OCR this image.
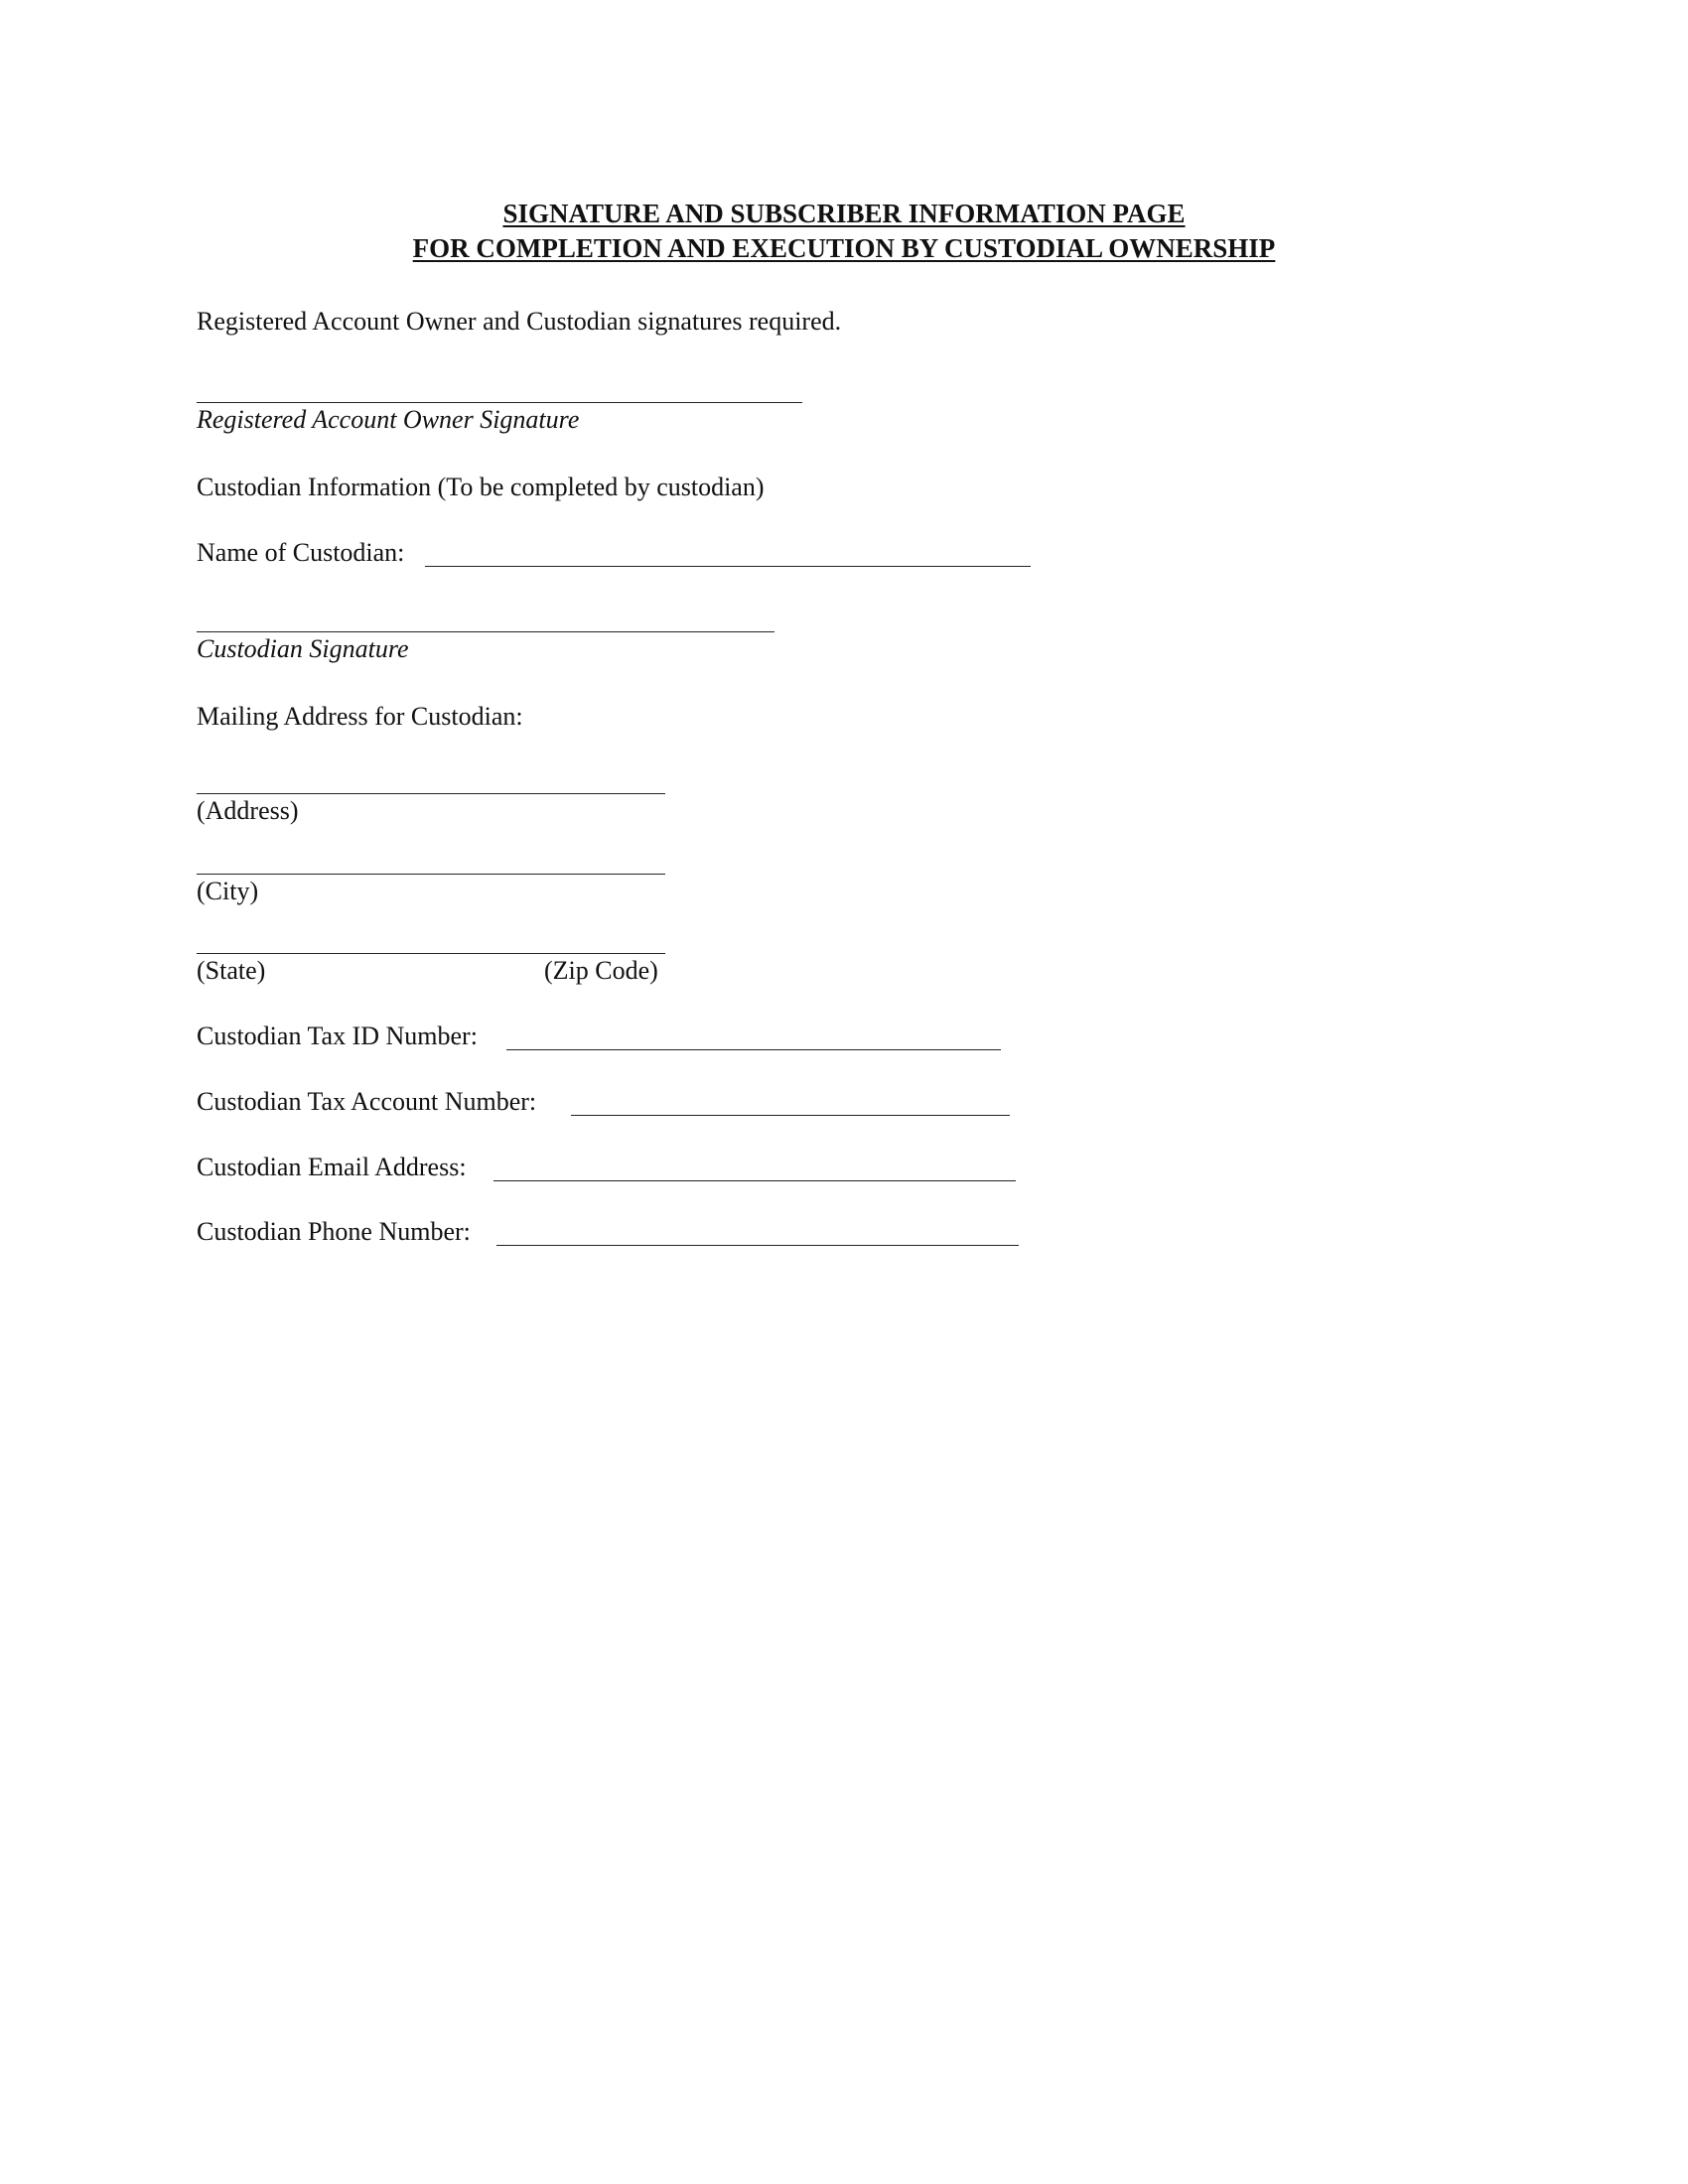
SIGNATURE AND SUBSCRIBER INFORMATION PAGE
FOR COMPLETION AND EXECUTION BY CUSTODIAL OWNERSHIP
Registered Account Owner and Custodian signatures required.
Registered Account Owner Signature
Custodian Information (To be completed by custodian)
Name of Custodian:
Custodian Signature
Mailing Address for Custodian:
(Address)
(City)
(State)	(Zip Code)
Custodian Tax ID Number:
Custodian Tax Account Number:
Custodian Email Address:
Custodian Phone Number:
